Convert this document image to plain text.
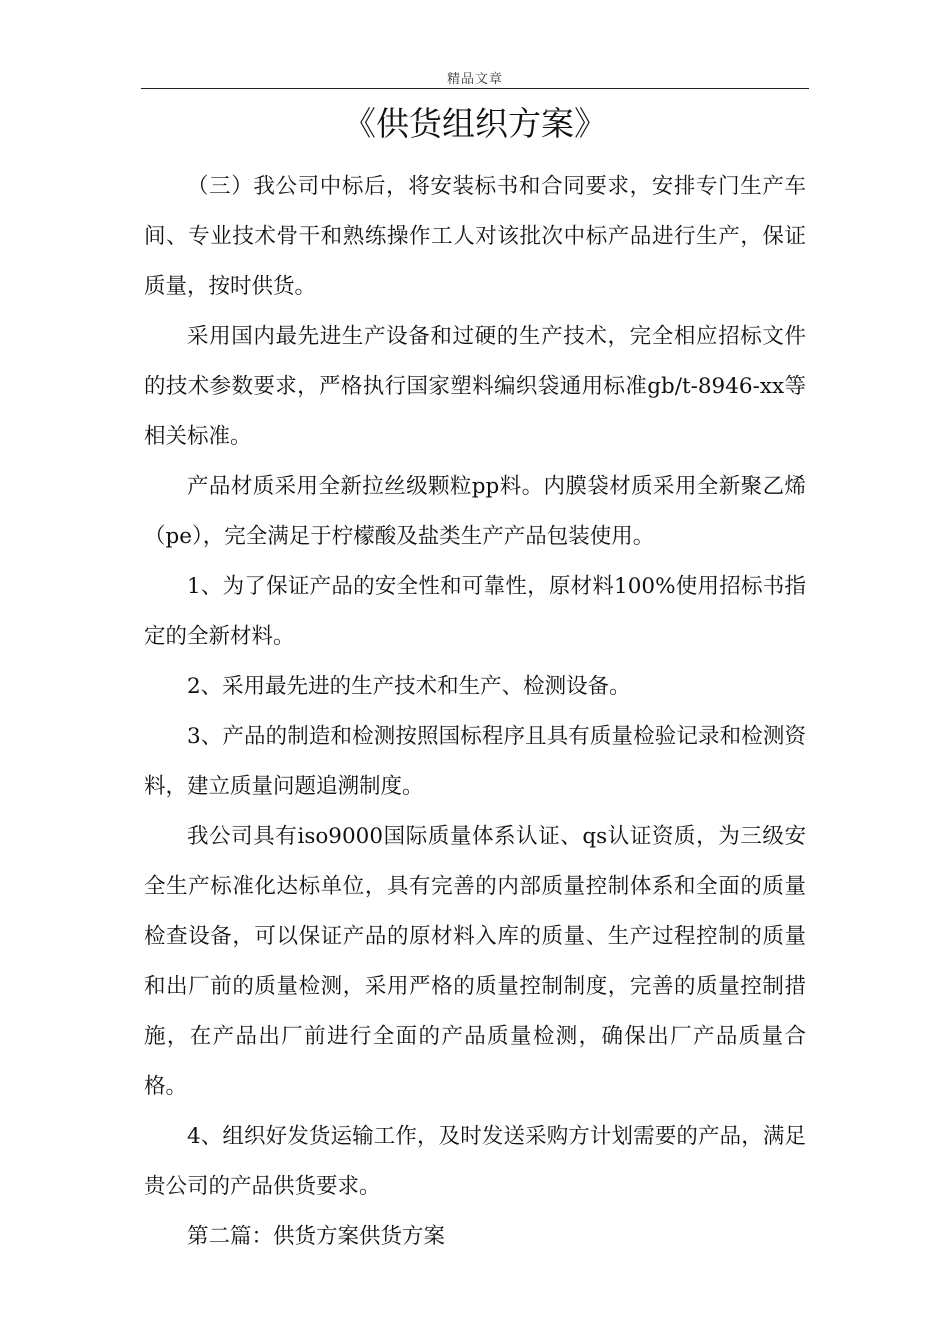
精品文章
《供货组织方案》

（三）我公司中标后，将安装标书和合同要求，安排专门生产车间、专业技术骨干和熟练操作工人对该批次中标产品进行生产，保证质量，按时供货。

采用国内最先进生产设备和过硬的生产技术，完全相应招标文件的技术参数要求，严格执行国家塑料编织袋通用标准gb/t-8946-xx等相关标准。

产品材质采用全新拉丝级颗粒pp料。内膜袋材质采用全新聚乙烯（pe），完全满足于柠檬酸及盐类生产产品包装使用。

1、为了保证产品的安全性和可靠性，原材料100%使用招标书指定的全新材料。

2、采用最先进的生产技术和生产、检测设备。

3、产品的制造和检测按照国标程序且具有质量检验记录和检测资料，建立质量问题追溯制度。

我公司具有iso9000国际质量体系认证、qs认证资质，为三级安全生产标准化达标单位，具有完善的内部质量控制体系和全面的质量检查设备，可以保证产品的原材料入库的质量、生产过程控制的质量和出厂前的质量检测，采用严格的质量控制制度，完善的质量控制措施，在产品出厂前进行全面的产品质量检测，确保出厂产品质量合格。

4、组织好发货运输工作，及时发送采购方计划需要的产品，满足贵公司的产品供货要求。

第二篇：供货方案供货方案
